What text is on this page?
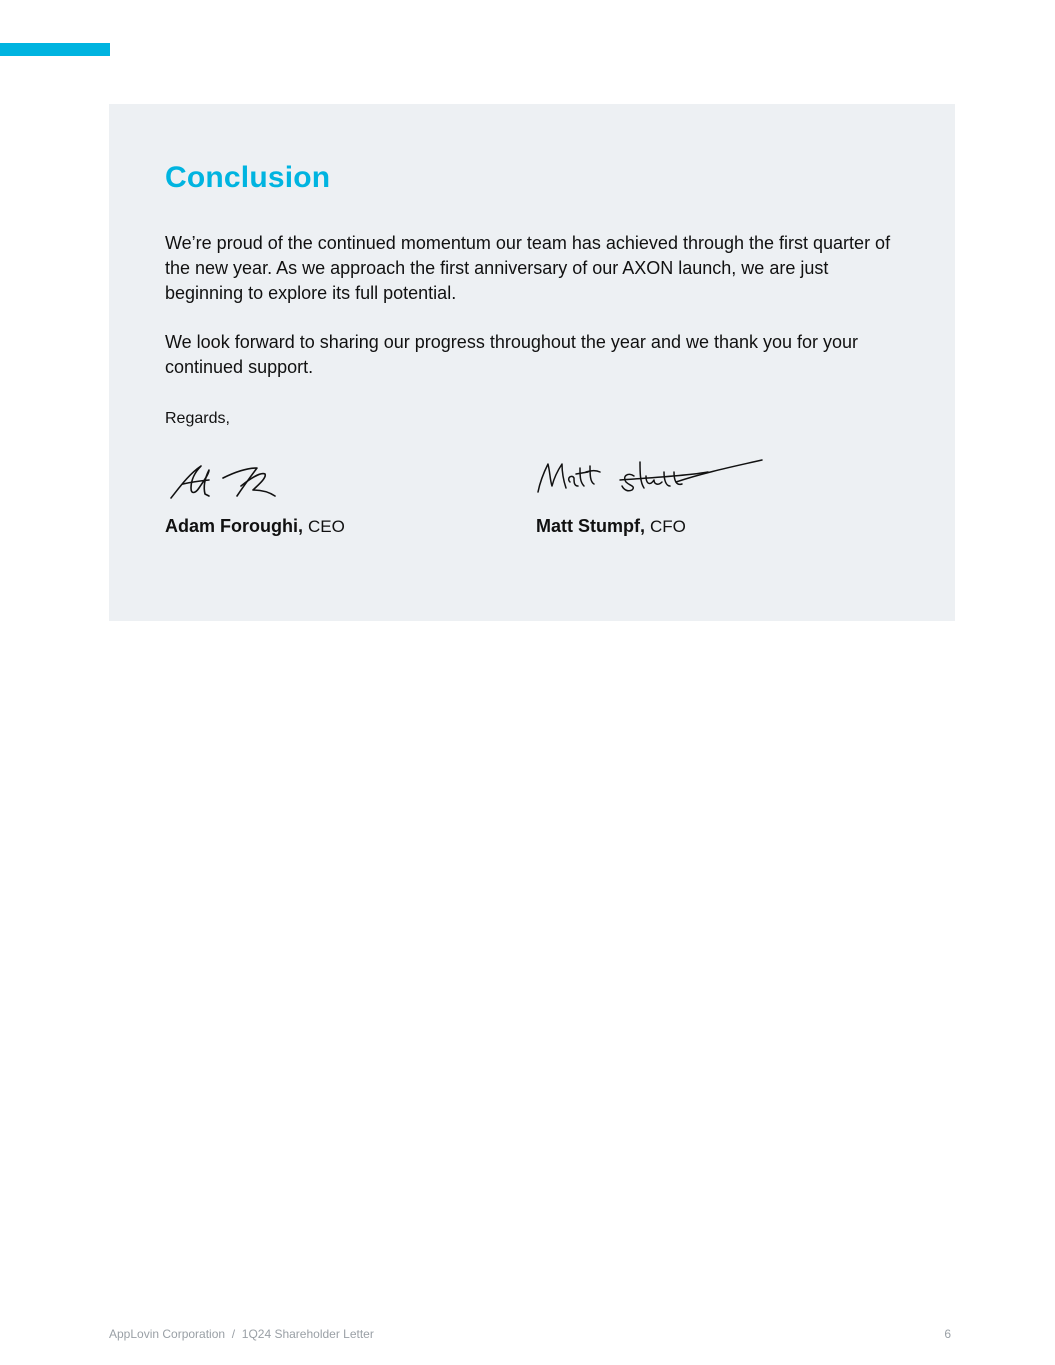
Conclusion

We’re proud of the continued momentum our team has achieved through the first quarter of the new year. As we approach the first anniversary of our AXON launch, we are just beginning to explore its full potential.

We look forward to sharing our progress throughout the year and we thank you for your continued support.

Regards,

Adam Foroughi, CEO	Matt Stumpf, CFO
AppLovin Corporation / 1Q24 Shareholder Letter	6
